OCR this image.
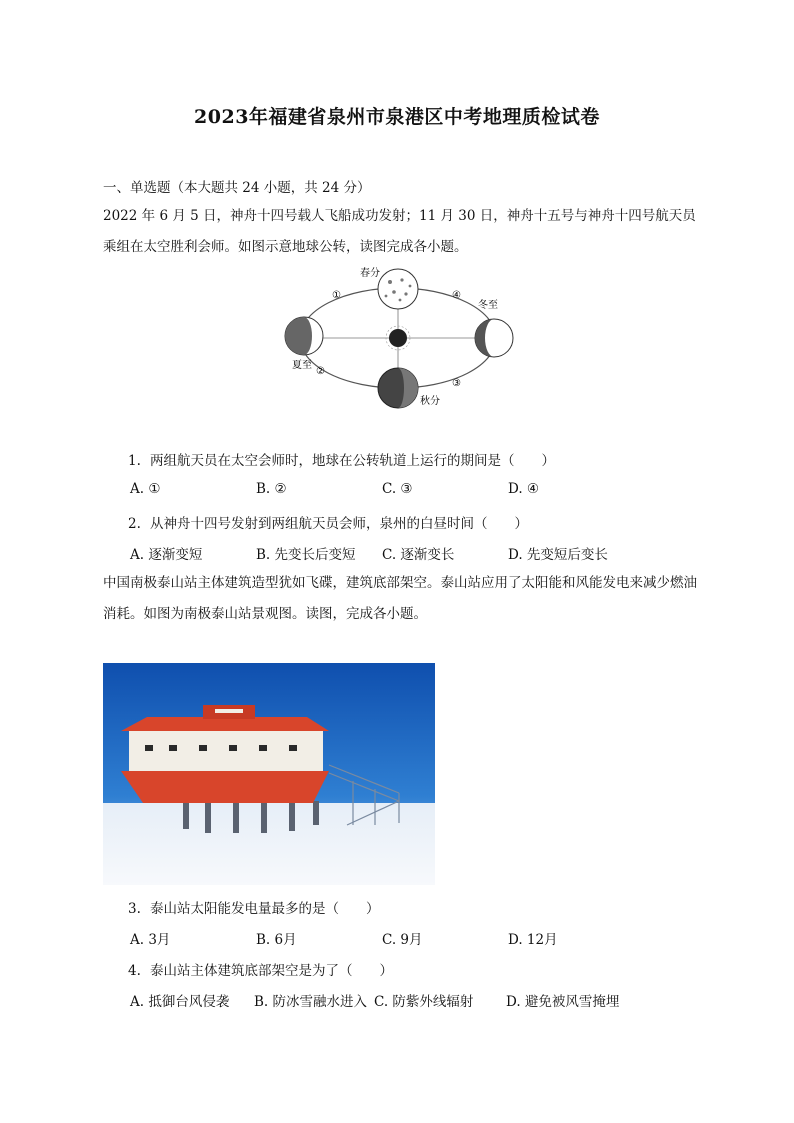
2023年福建省泉州市泉港区中考地理质检试卷
一、单选题（本大题共 24 小题，共 24 分）
2022 年 6 月 5 日，神舟十四号载人飞船成功发射；11 月 30 日，神舟十五号与神舟十四号航天员乘组在太空胜利会师。如图示意地球公转，读图完成各小题。
春分
冬至
夏至
秋分
①
②
③
④
1. 两组航天员在太空会师时，地球在公转轨道上运行的期间是（　　）
A. ①	B. ②	C. ③	D. ④
2. 从神舟十四号发射到两组航天员会师，泉州的白昼时间（　　）
A. 逐渐变短	B. 先变长后变短 C. 逐渐变长	D. 先变短后变长
中国南极泰山站主体建筑造型犹如飞碟，建筑底部架空。泰山站应用了太阳能和风能发电来减少燃油消耗。如图为南极泰山站景观图。读图，完成各小题。
3. 泰山站太阳能发电量最多的是（　　）
A. 3月	B. 6月	C. 9月	D. 12月
4. 泰山站主体建筑底部架空是为了（　　）
A. 抵御台风侵袭 B. 防冰雪融水进入 C. 防紫外线辐射 D. 避免被风雪掩埋
